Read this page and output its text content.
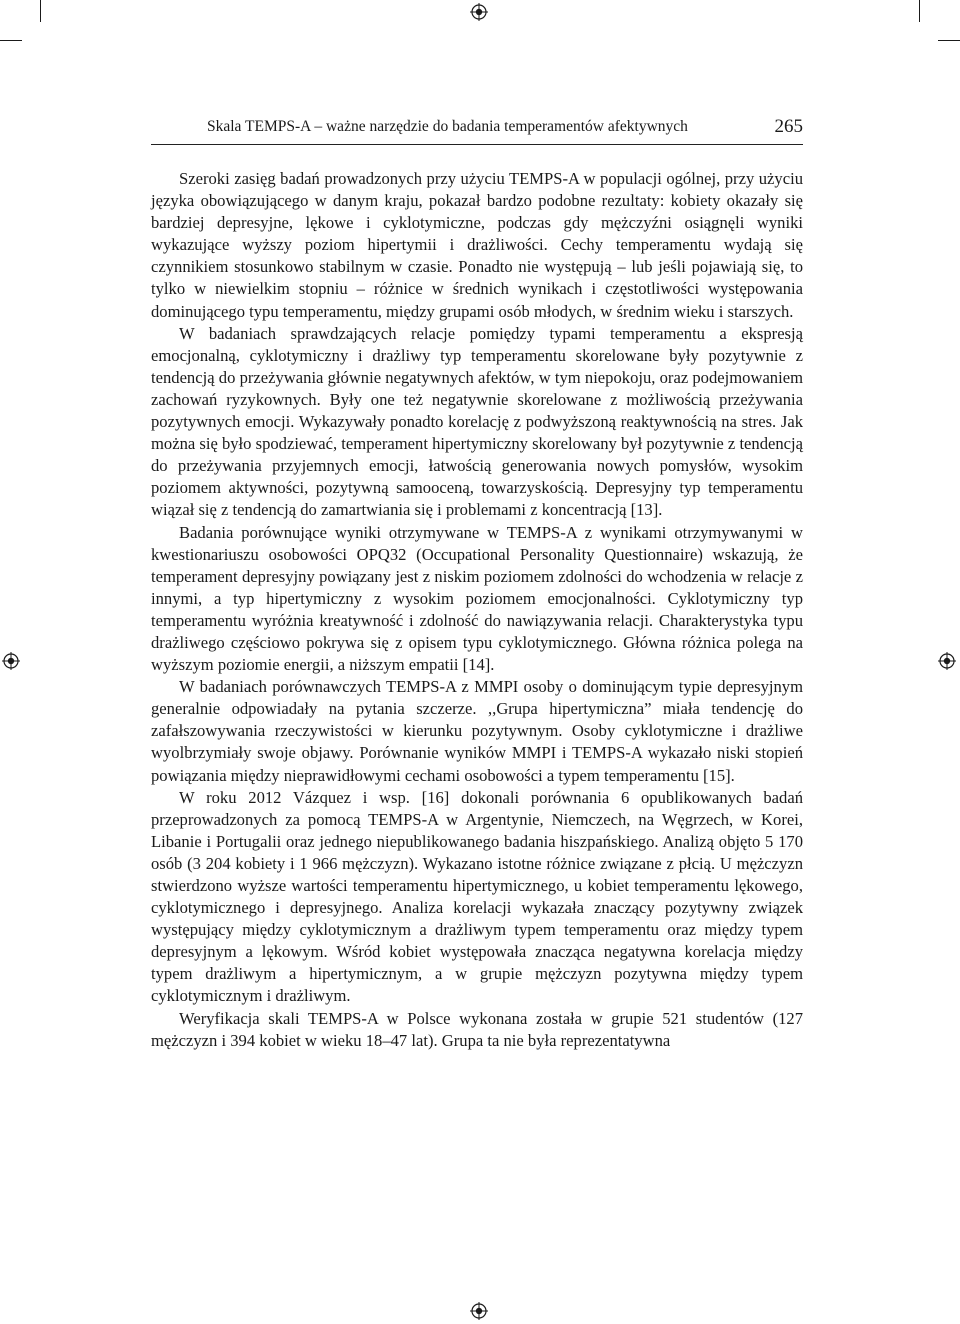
Skala TEMPS-A – ważne narzędzie do badania temperamentów afektywnych	265

Szeroki zasięg badań prowadzonych przy użyciu TEMPS-A w populacji ogólnej, przy użyciu języka obowiązującego w danym kraju, pokazał bardzo podobne rezultaty: kobiety okazały się bardziej depresyjne, lękowe i cyklotymiczne, podczas gdy mężczyźni osiągnęli wyniki wykazujące wyższy poziom hipertymii i drażliwości. Cechy temperamentu wydają się czynnikiem stosunkowo stabilnym w czasie. Ponadto nie występują – lub jeśli pojawiają się, to tylko w niewielkim stopniu – różnice w średnich wynikach i częstotliwości występowania dominującego typu temperamentu, między grupami osób młodych, w średnim wieku i starszych.

W badaniach sprawdzających relacje pomiędzy typami temperamentu a ekspresją emocjonalną, cyklotymiczny i drażliwy typ temperamentu skorelowane były pozytywnie z tendencją do przeżywania głównie negatywnych afektów, w tym niepokoju, oraz podejmowaniem zachowań ryzykownych. Były one też negatywnie skorelowane z możliwością przeżywania pozytywnych emocji. Wykazywały ponadto korelację z podwyższoną reaktywnością na stres. Jak można się było spodziewać, temperament hipertymiczny skorelowany był pozytywnie z tendencją do przeżywania przyjemnych emocji, łatwością generowania nowych pomysłów, wysokim poziomem aktywności, pozytywną samooceną, towarzyskością. Depresyjny typ temperamentu wiązał się z tendencją do zamartwiania się i problemami z koncentracją [13].

Badania porównujące wyniki otrzymywane w TEMPS-A z wynikami otrzymywanymi w kwestionariuszu osobowości OPQ32 (Occupational Personality Questionnaire) wskazują, że temperament depresyjny powiązany jest z niskim poziomem zdolności do wchodzenia w relacje z innymi, a typ hipertymiczny z wysokim poziomem emocjonalności. Cyklotymiczny typ temperamentu wyróżnia kreatywność i zdolność do nawiązywania relacji. Charakterystyka typu drażliwego częściowo pokrywa się z opisem typu cyklotymicznego. Główna różnica polega na wyższym poziomie energii, a niższym empatii [14].

W badaniach porównawczych TEMPS-A z MMPI osoby o dominującym typie depresyjnym generalnie odpowiadały na pytania szczerze. ,,Grupa hipertymiczna” miała tendencję do zafałszowywania rzeczywistości w kierunku pozytywnym. Osoby cyklotymiczne i drażliwe wyolbrzymiały swoje objawy. Porównanie wyników MMPI i TEMPS-A wykazało niski stopień powiązania między nieprawidłowymi cechami osobowości a typem temperamentu [15].

W roku 2012 Vázquez i wsp. [16] dokonali porównania 6 opublikowanych badań przeprowadzonych za pomocą TEMPS-A w Argentynie, Niemczech, na Węgrzech, w Korei, Libanie i Portugalii oraz jednego niepublikowanego badania hiszpańskiego. Analizą objęto 5 170 osób (3 204 kobiety i 1 966 mężczyzn). Wykazano istotne różnice związane z płcią. U mężczyzn stwierdzono wyższe wartości temperamentu hipertymicznego, u kobiet temperamentu lękowego, cyklotymicznego i depresyjnego. Analiza korelacji wykazała znaczący pozytywny związek występujący między cyklotymicznym a drażliwym typem temperamentu oraz między typem depresyjnym a lękowym. Wśród kobiet występowała znacząca negatywna korelacja między typem drażliwym a hipertymicznym, a w grupie mężczyzn pozytywna między typem cyklotymicznym i drażliwym.

Weryfikacja skali TEMPS-A w Polsce wykonana została w grupie 521 studentów (127 mężczyzn i 394 kobiet w wieku 18–47 lat). Grupa ta nie była reprezentatywna
